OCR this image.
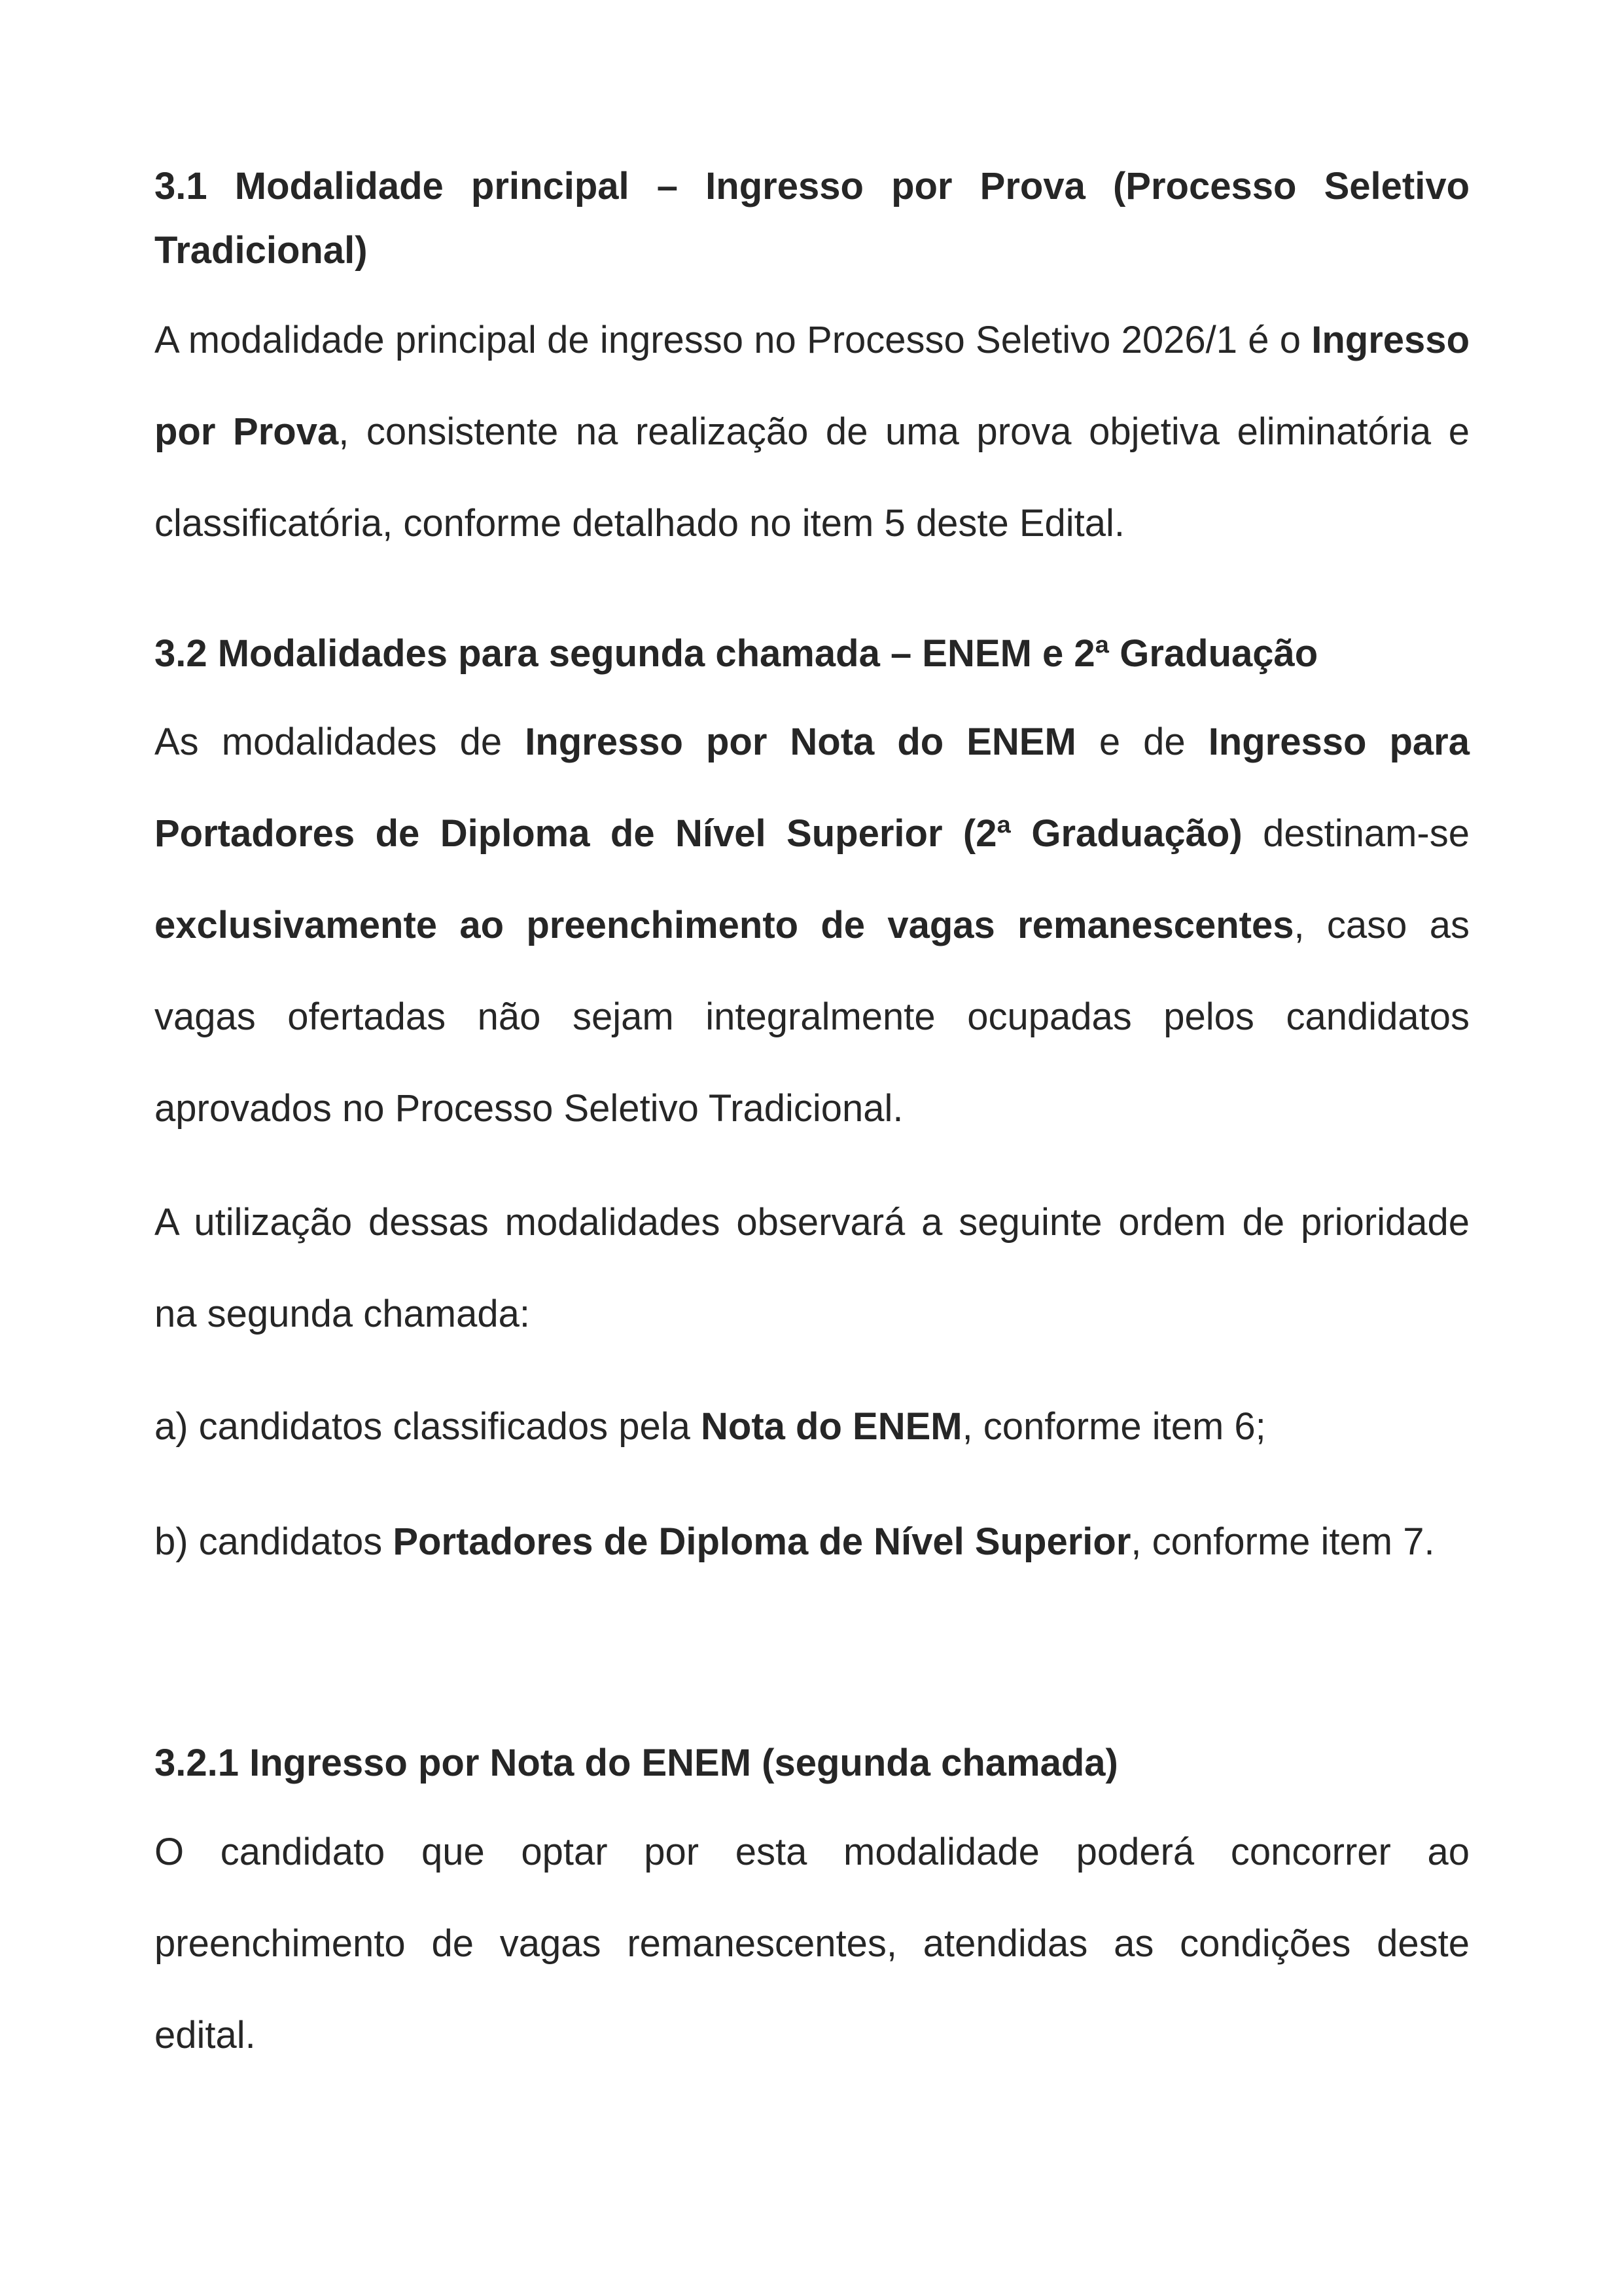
3.1 Modalidade principal – Ingresso por Prova (Processo Seletivo Tradicional)

A modalidade principal de ingresso no Processo Seletivo 2026/1 é o Ingresso por Prova, consistente na realização de uma prova objetiva eliminatória e classificatória, conforme detalhado no item 5 deste Edital.

3.2 Modalidades para segunda chamada – ENEM e 2ª Graduação

As modalidades de Ingresso por Nota do ENEM e de Ingresso para Portadores de Diploma de Nível Superior (2ª Graduação) destinam-se exclusivamente ao preenchimento de vagas remanescentes, caso as vagas ofertadas não sejam integralmente ocupadas pelos candidatos aprovados no Processo Seletivo Tradicional.

A utilização dessas modalidades observará a seguinte ordem de prioridade na segunda chamada:

a) candidatos classificados pela Nota do ENEM, conforme item 6;

b) candidatos Portadores de Diploma de Nível Superior, conforme item 7.

3.2.1 Ingresso por Nota do ENEM (segunda chamada)

O candidato que optar por esta modalidade poderá concorrer ao preenchimento de vagas remanescentes, atendidas as condições deste edital.
